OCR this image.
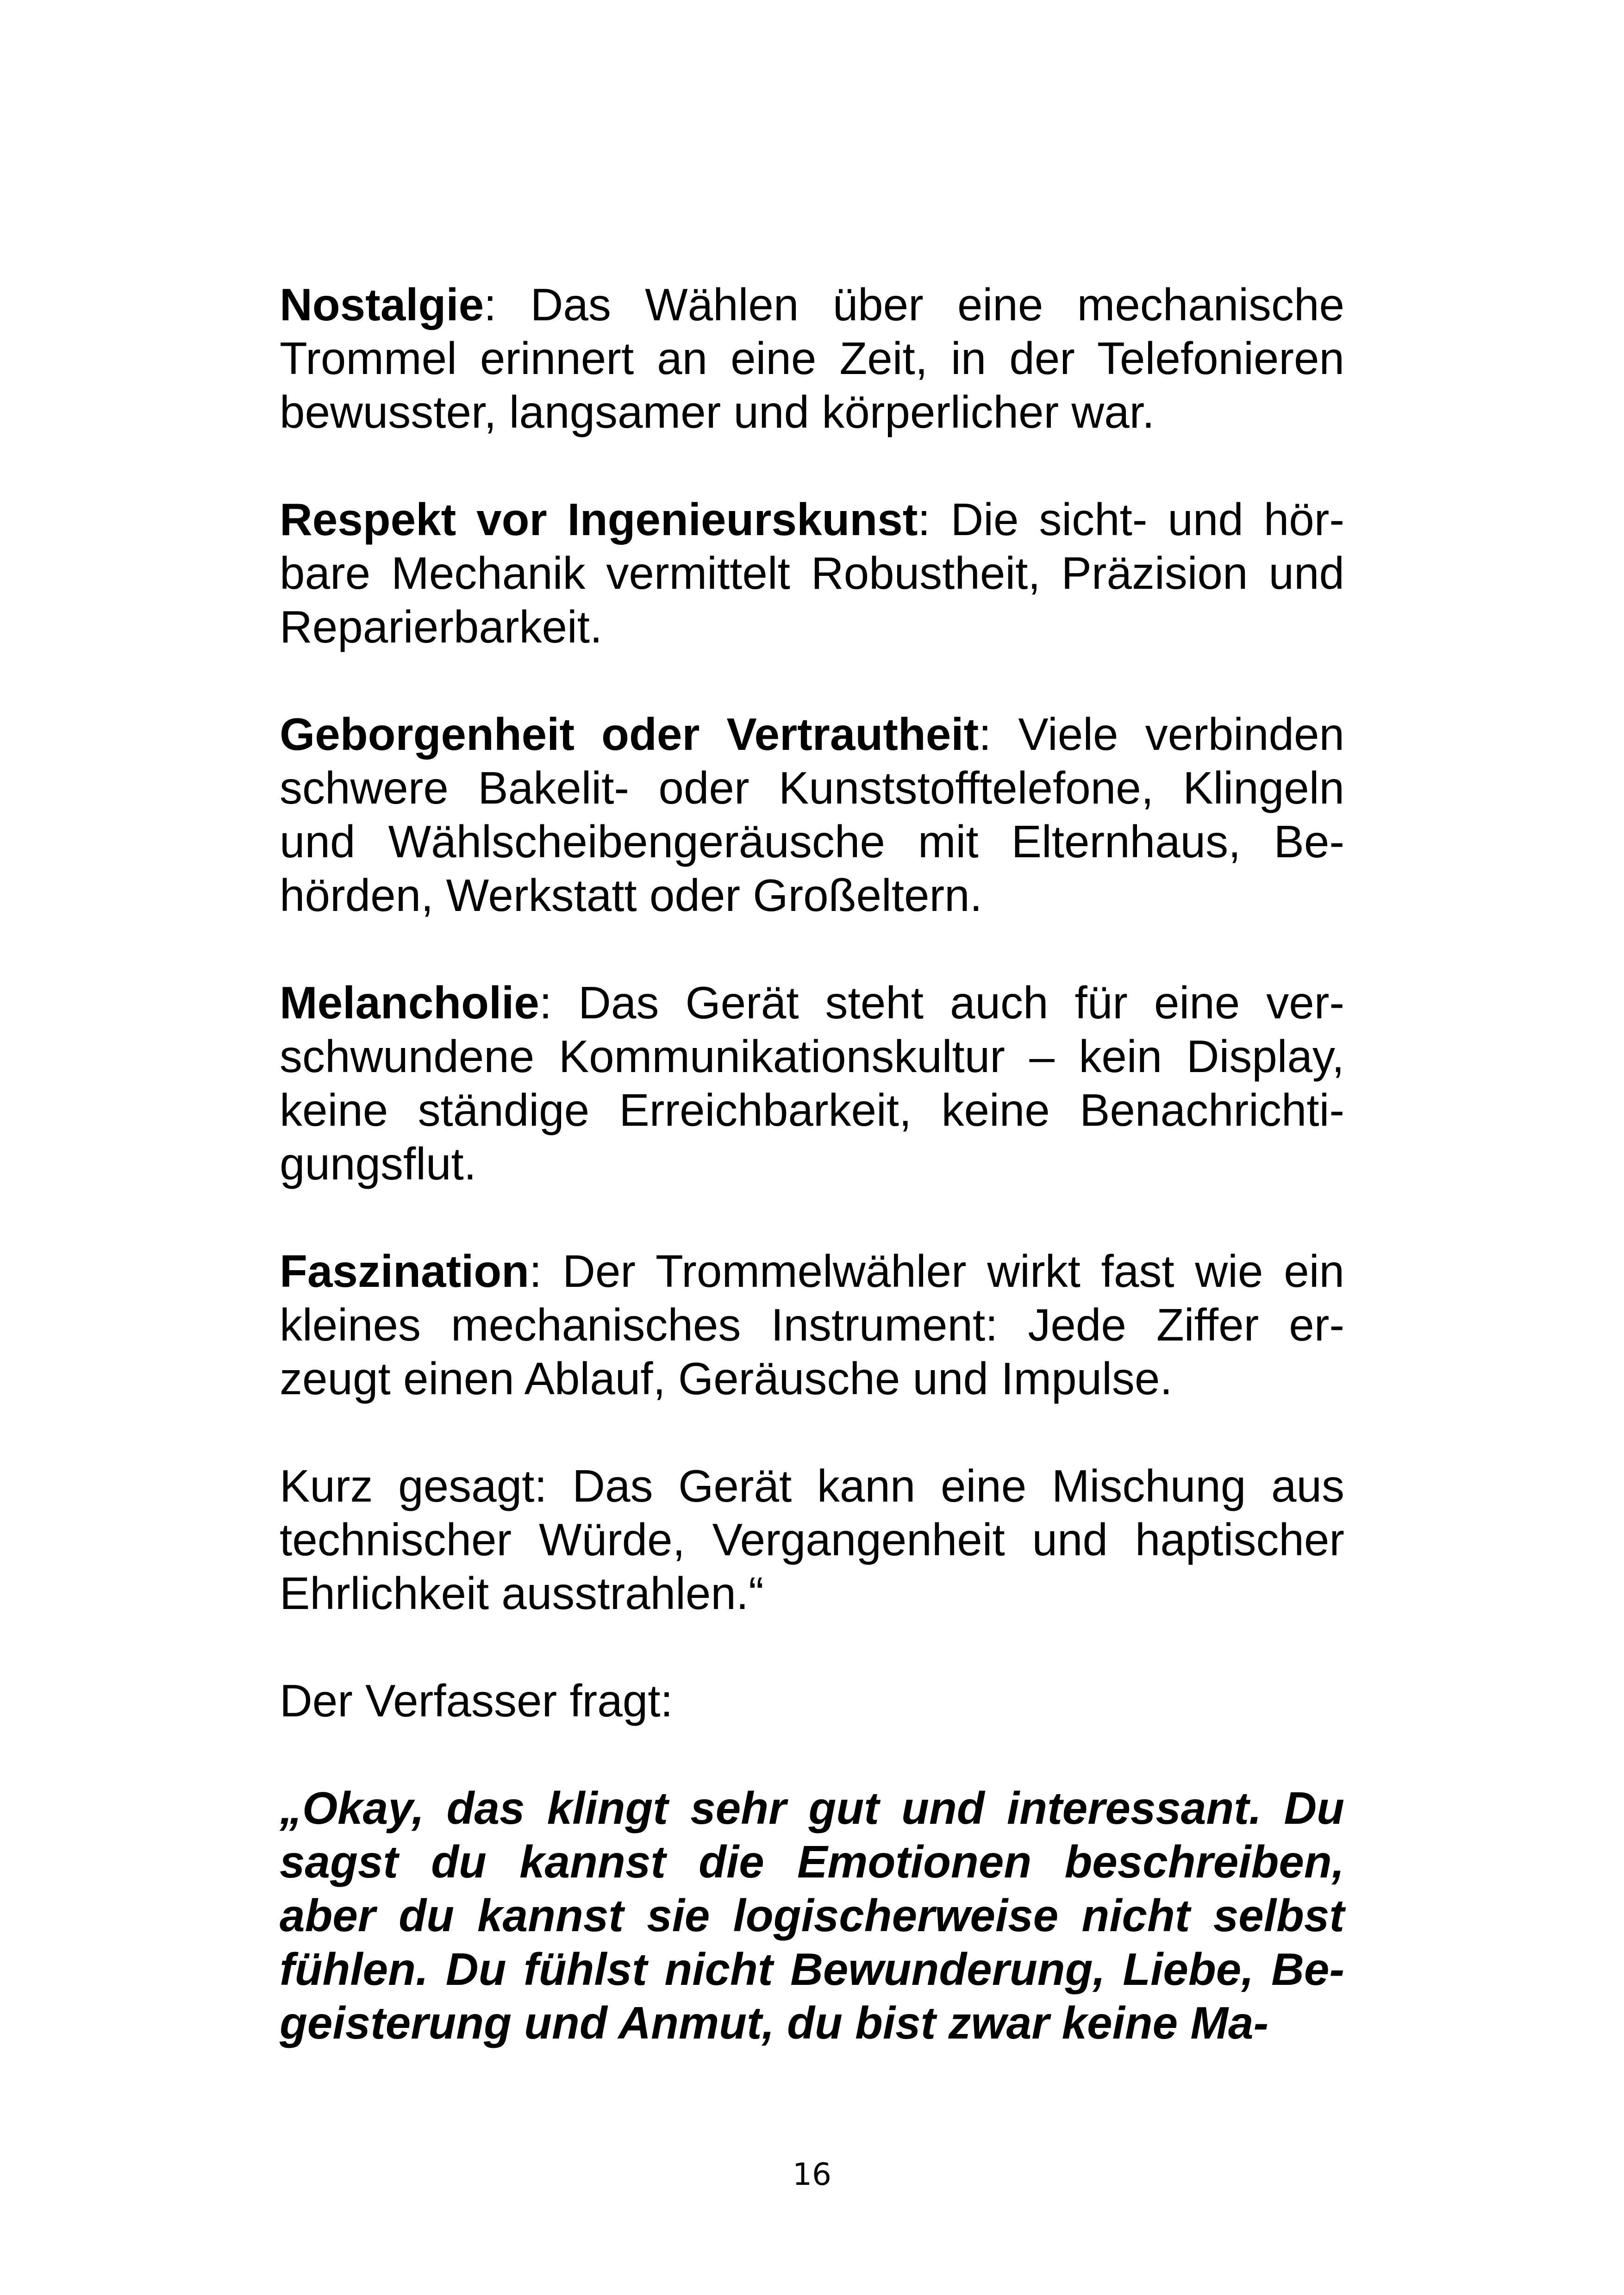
Nostalgie: Das Wählen über eine mechanische Trommel erinnert an eine Zeit, in der Telefonieren bewusster, langsamer und körperlicher war.

Respekt vor Ingenieurskunst: Die sicht- und hörbare Mechanik vermittelt Robustheit, Präzision und Reparierbarkeit.

Geborgenheit oder Vertrautheit: Viele verbinden schwere Bakelit- oder Kunststofftelefone, Klingeln und Wählscheibengeräusche mit Elternhaus, Behörden, Werkstatt oder Großeltern.

Melancholie: Das Gerät steht auch für eine verschwundene Kommunikationskultur – kein Display, keine ständige Erreichbarkeit, keine Benachrichtigungsflut.

Faszination: Der Trommelwähler wirkt fast wie ein kleines mechanisches Instrument: Jede Ziffer erzeugt einen Ablauf, Geräusche und Impulse.

Kurz gesagt: Das Gerät kann eine Mischung aus technischer Würde, Vergangenheit und haptischer Ehrlichkeit ausstrahlen.“

Der Verfasser fragt:

„Okay, das klingt sehr gut und interessant. Du sagst du kannst die Emotionen beschreiben, aber du kannst sie logischerweise nicht selbst fühlen. Du fühlst nicht Bewunderung, Liebe, Begeisterung und Anmut, du bist zwar keine Ma-

16
